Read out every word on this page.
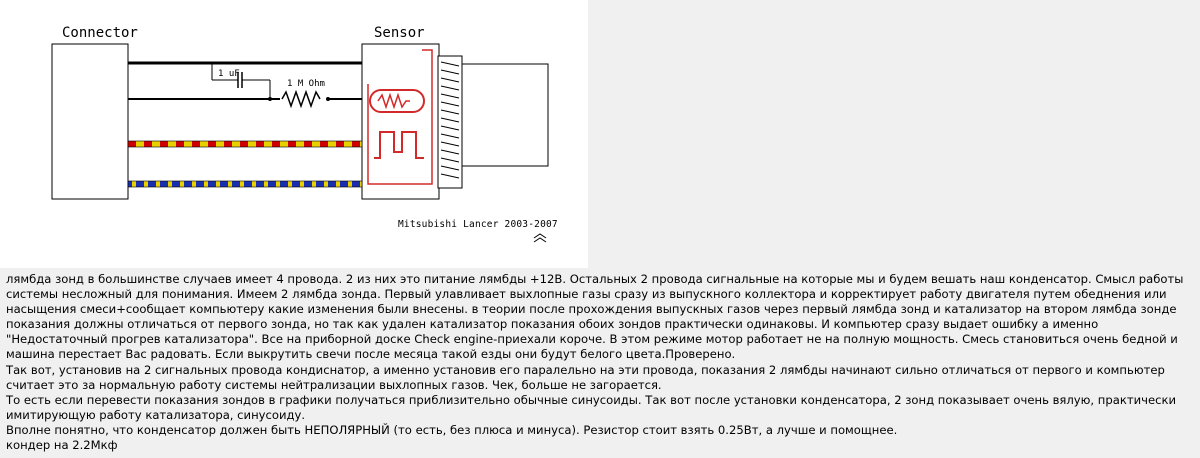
Connector	Sensor
1 uF
1 M Ohm
Mitsubishi Lancer 2003-2007

лямбда зонд в большинстве случаев имеет 4 провода. 2 из них это питание лямбды +12В. Остальных 2 провода сигнальные на которые мы и будем вешать наш конденсатор. Смысл работы системы несложный для понимания. Имеем 2 лямбда зонда. Первый улавливает выхлопные газы сразу из выпускного коллектора и корректирует работу двигателя путем обеднения или насыщения смеси+сообщает компьютеру какие изменения были внесены. в теории после прохождения выпускных газов через первый лямбда зонд и катализатор на втором лямбда зонде показания должны отличаться от первого зонда, но так как удален катализатор показания обоих зондов практически одинаковы. И компьютер сразу выдает ошибку а именно "Недостаточный прогрев катализатора". Все на приборной доске Check engine-приехали короче. В этом режиме мотор работает не на полную мощность. Смесь становиться очень бедной и машина перестает Вас радовать. Если выкрутить свечи после месяца такой езды они будут белого цвета.Проверено.

Так вот, установив на 2 сигнальных провода кондиснатор, а именно установив его паралельно на эти провода, показания 2 лямбды начинают сильно отличаться от первого и компьютер считает это за нормальную работу системы нейтрализации выхлопных газов. Чек, больше не загорается.

То есть если перевести показания зондов в графики получаться приблизительно обычные синусоиды. Так вот после установки конденсатора, 2 зонд показывает очень вялую, практически имитирующую работу катализатора, синусоиду.

Вполне понятно, что конденсатор должен быть НЕПОЛЯРНЫЙ (то есть, без плюса и минуса). Резистор стоит взять 0.25Вт, а лучше и помощнее.

кондер на 2.2Мкф
